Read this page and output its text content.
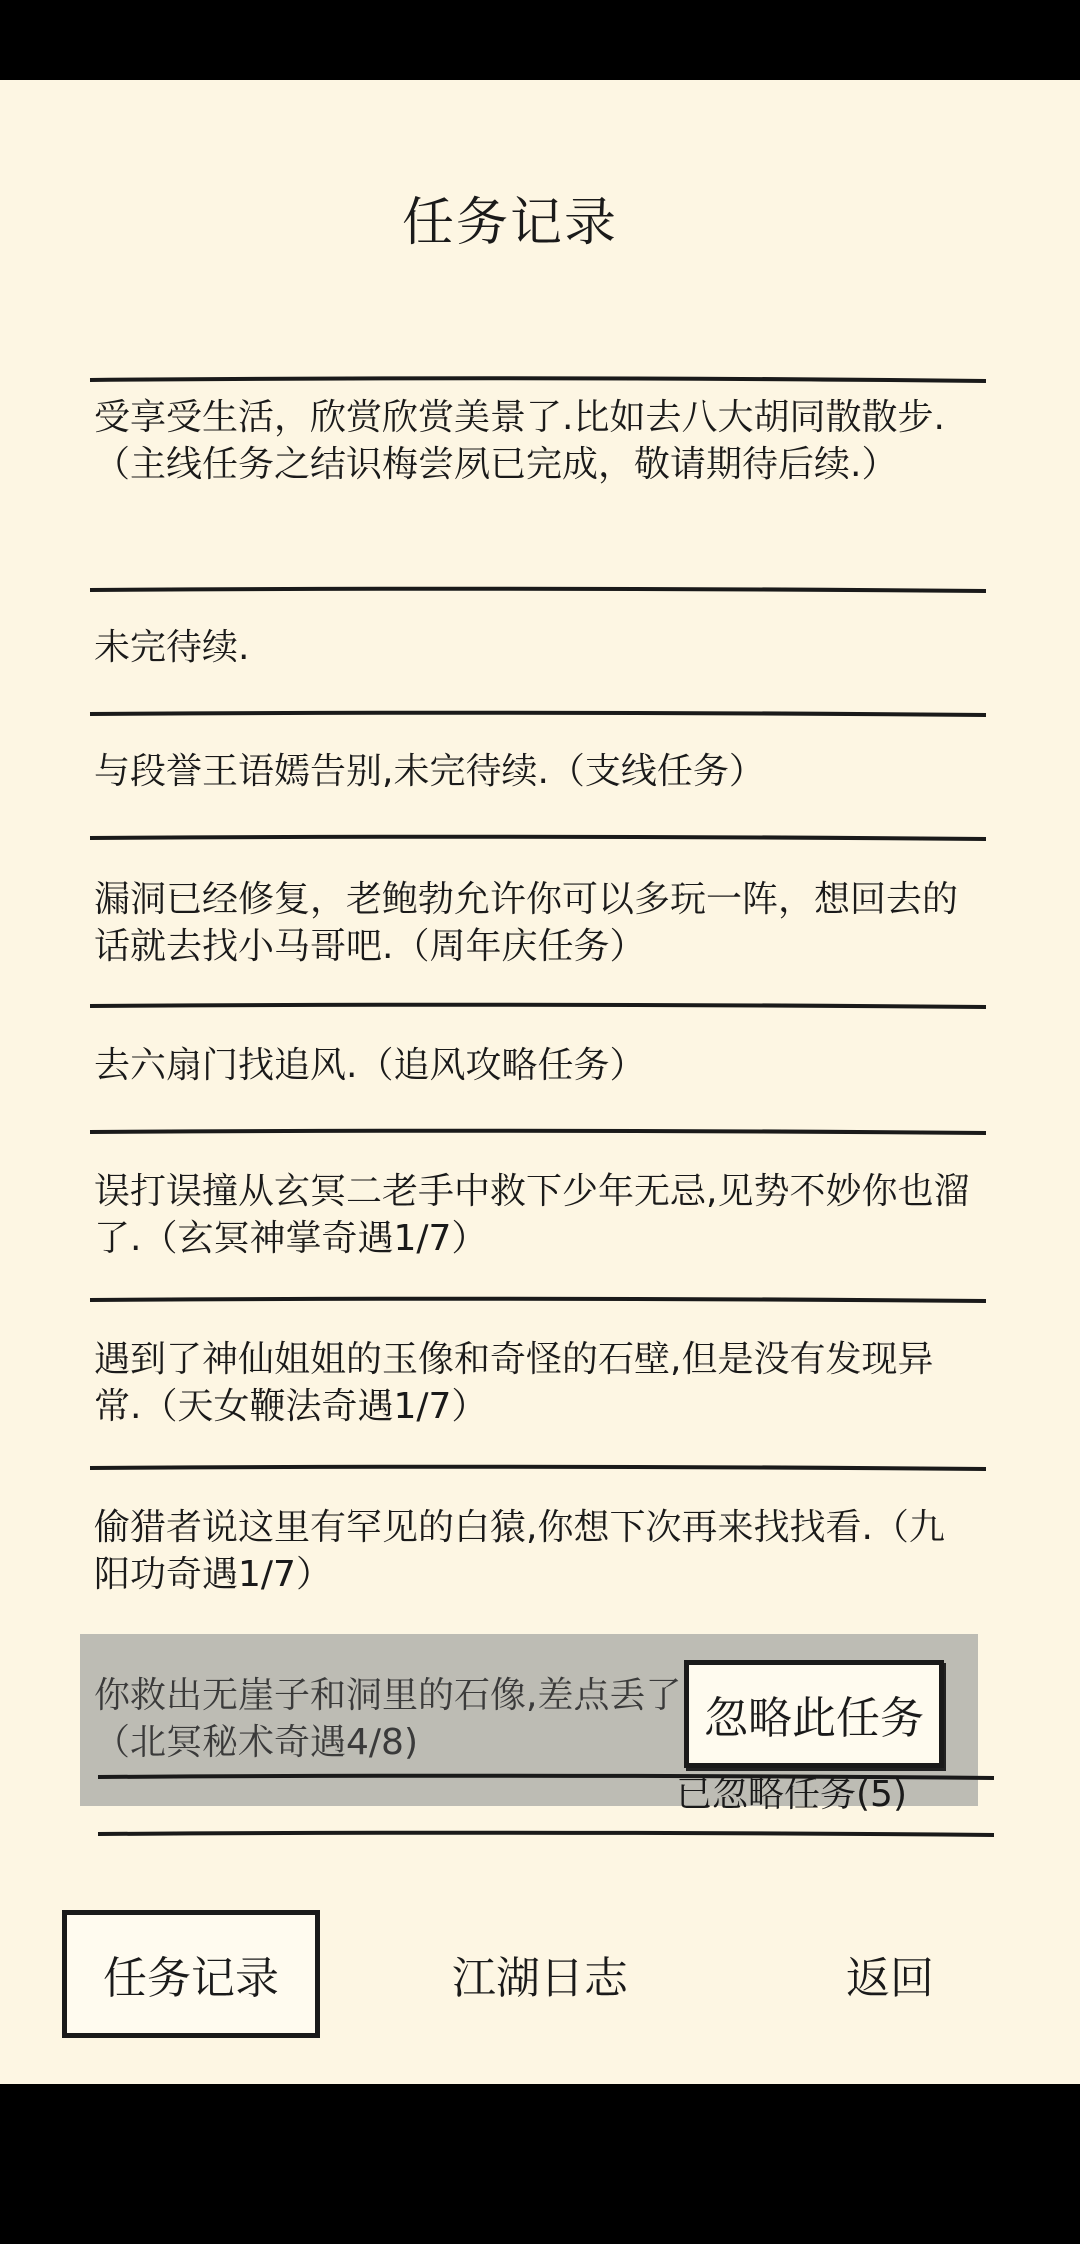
任务记录
受享受生活，欣赏欣赏美景了.比如去八大胡同散散步.（主线任务之结识梅尝夙已完成，敬请期待后续.）
未完待续.
与段誉王语嫣告别,未完待续.（支线任务）
漏洞已经修复，老鲍勃允许你可以多玩一阵，想回去的话就去找小马哥吧.（周年庆任务）
去六扇门找追风.（追风攻略任务）
误打误撞从玄冥二老手中救下少年无忌,见势不妙你也溜了.（玄冥神掌奇遇1/7）
遇到了神仙姐姐的玉像和奇怪的石壁,但是没有发现异常.（天女鞭法奇遇1/7）
偷猎者说这里有罕见的白猿,你想下次再来找找看.（九阳功奇遇1/7）
你救出无崖子和洞里的石像,差点丢了
（北冥秘术奇遇4/8)	忽略此任务
已忽略任务(5)
任务记录	江湖日志	返回
